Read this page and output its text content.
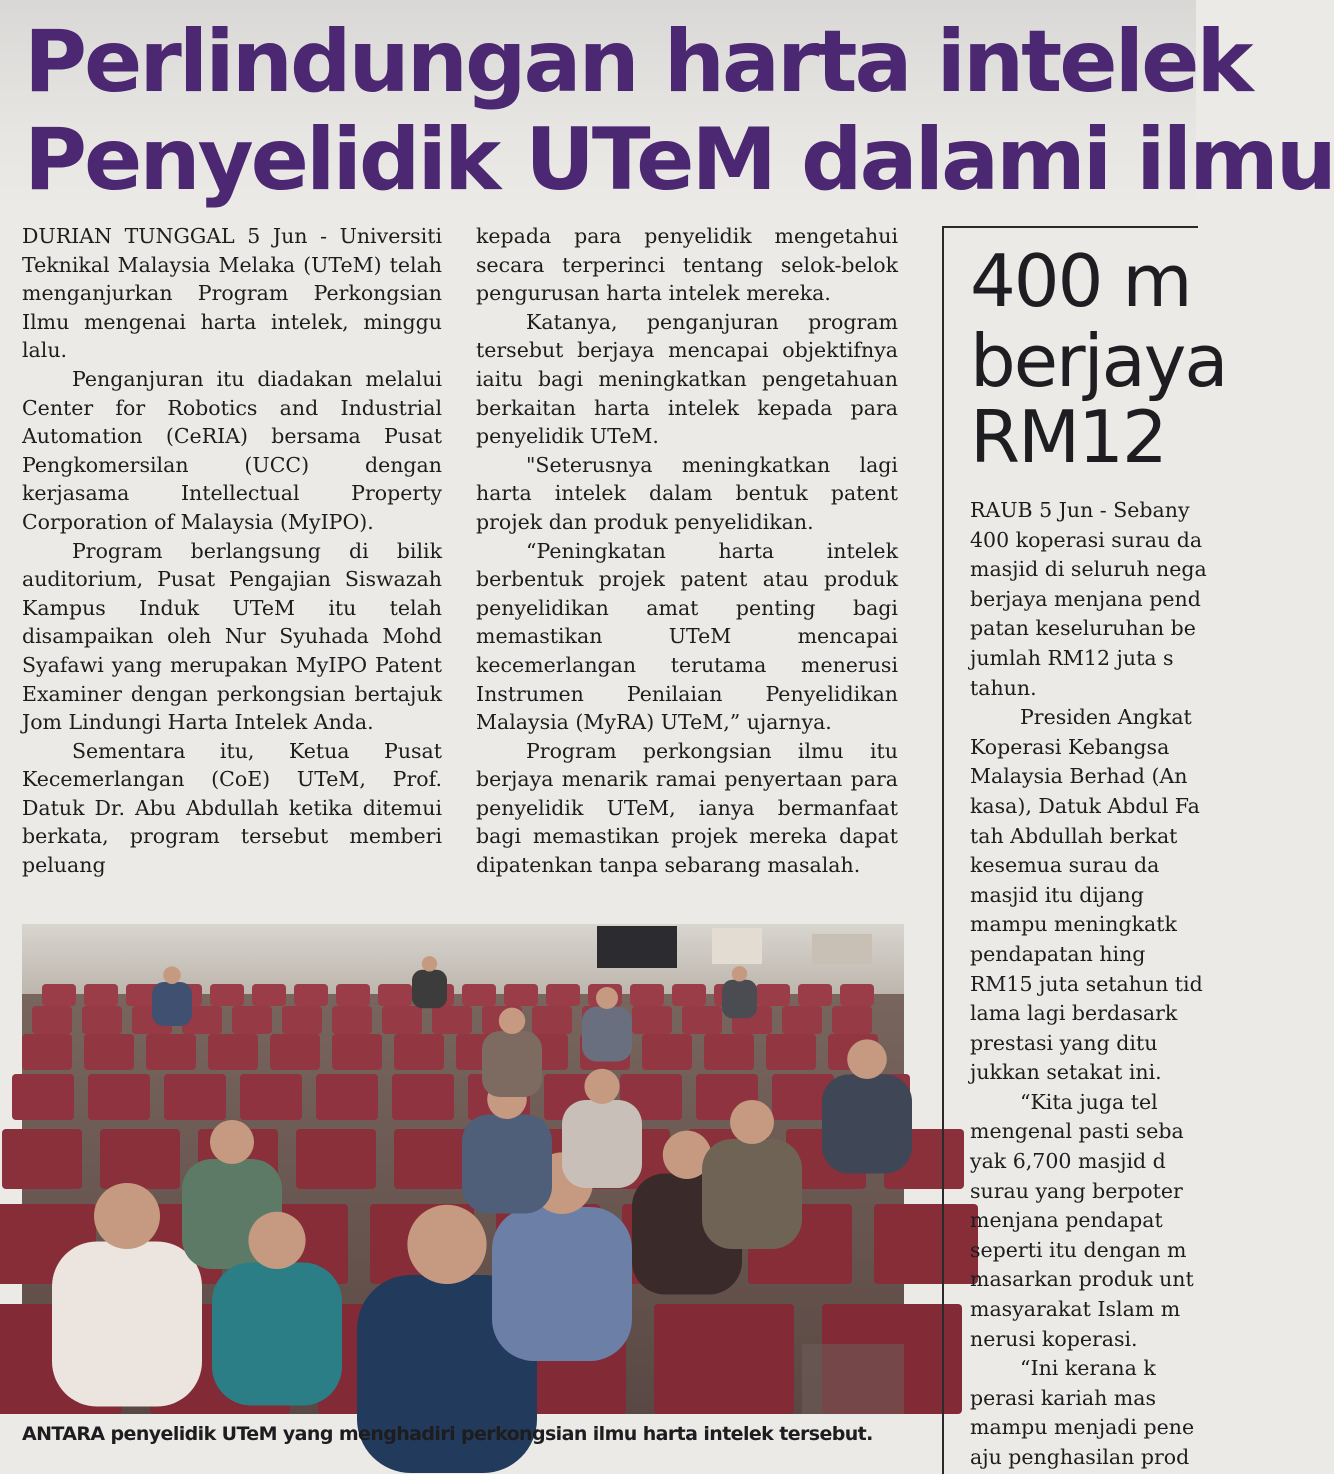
Perlindungan harta intelek
Penyelidik UTeM dalami ilmu

DURIAN TUNGGAL 5 Jun - Universiti Teknikal Malaysia Melaka (UTeM) telah menganjurkan Program Perkongsian Ilmu mengenai harta intelek, minggu lalu.

Penganjuran itu diadakan melalui Center for Robotics and Industrial Automation (CeRIA) bersama Pusat Pengkomersilan (UCC) dengan kerjasama Intellectual Property Corporation of Malaysia (MyIPO).

Program berlangsung di bilik auditorium, Pusat Pengajian Siswazah Kampus Induk UTeM itu telah disampaikan oleh Nur Syuhada Mohd Syafawi yang merupakan MyIPO Patent Examiner dengan perkongsian bertajuk Jom Lindungi Harta Intelek Anda.

Sementara itu, Ketua Pusat Kecemerlangan (CoE) UTeM, Prof. Datuk Dr. Abu Abdullah ketika ditemui berkata, program tersebut memberi peluang

kepada para penyelidik mengetahui secara terperinci tentang selok-belok pengurusan harta intelek mereka.

Katanya, penganjuran program tersebut berjaya mencapai objektifnya iaitu bagi meningkatkan pengetahuan berkaitan harta intelek kepada para penyelidik UTeM.

"Seterusnya meningkatkan lagi harta intelek dalam bentuk patent projek dan produk penyelidikan.

“Peningkatan harta intelek berbentuk projek patent atau produk penyelidikan amat penting bagi memastikan UTeM mencapai kecemerlangan terutama menerusi Instrumen Penilaian Penyelidikan Malaysia (MyRA) UTeM,” ujarnya.

Program perkongsian ilmu itu berjaya menarik ramai penyertaan para penyelidik UTeM, ianya bermanfaat bagi memastikan projek mereka dapat dipatenkan tanpa sebarang masalah.

ANTARA penyelidik UTeM yang menghadiri perkongsian ilmu harta intelek tersebut.

400 m
berjaya
RM12

RAUB 5 Jun - Sebany

400 koperasi surau da

masjid di seluruh nega

berjaya menjana pend

patan keseluruhan be

jumlah RM12 juta s

tahun.

Presiden Angkat

Koperasi Kebangsa

Malaysia Berhad (An

kasa), Datuk Abdul Fa

tah Abdullah berkat

kesemua surau da

masjid itu dijang

mampu meningkatk

pendapatan hing

RM15 juta setahun tid

lama lagi berdasark

prestasi yang ditu

jukkan setakat ini.

“Kita juga tel

mengenal pasti seba

yak 6,700 masjid d

surau yang berpoter

menjana pendapat

seperti itu dengan m

masarkan produk unt

masyarakat Islam m

nerusi koperasi.

“Ini kerana k

perasi kariah mas

mampu menjadi pene

aju penghasilan prod
